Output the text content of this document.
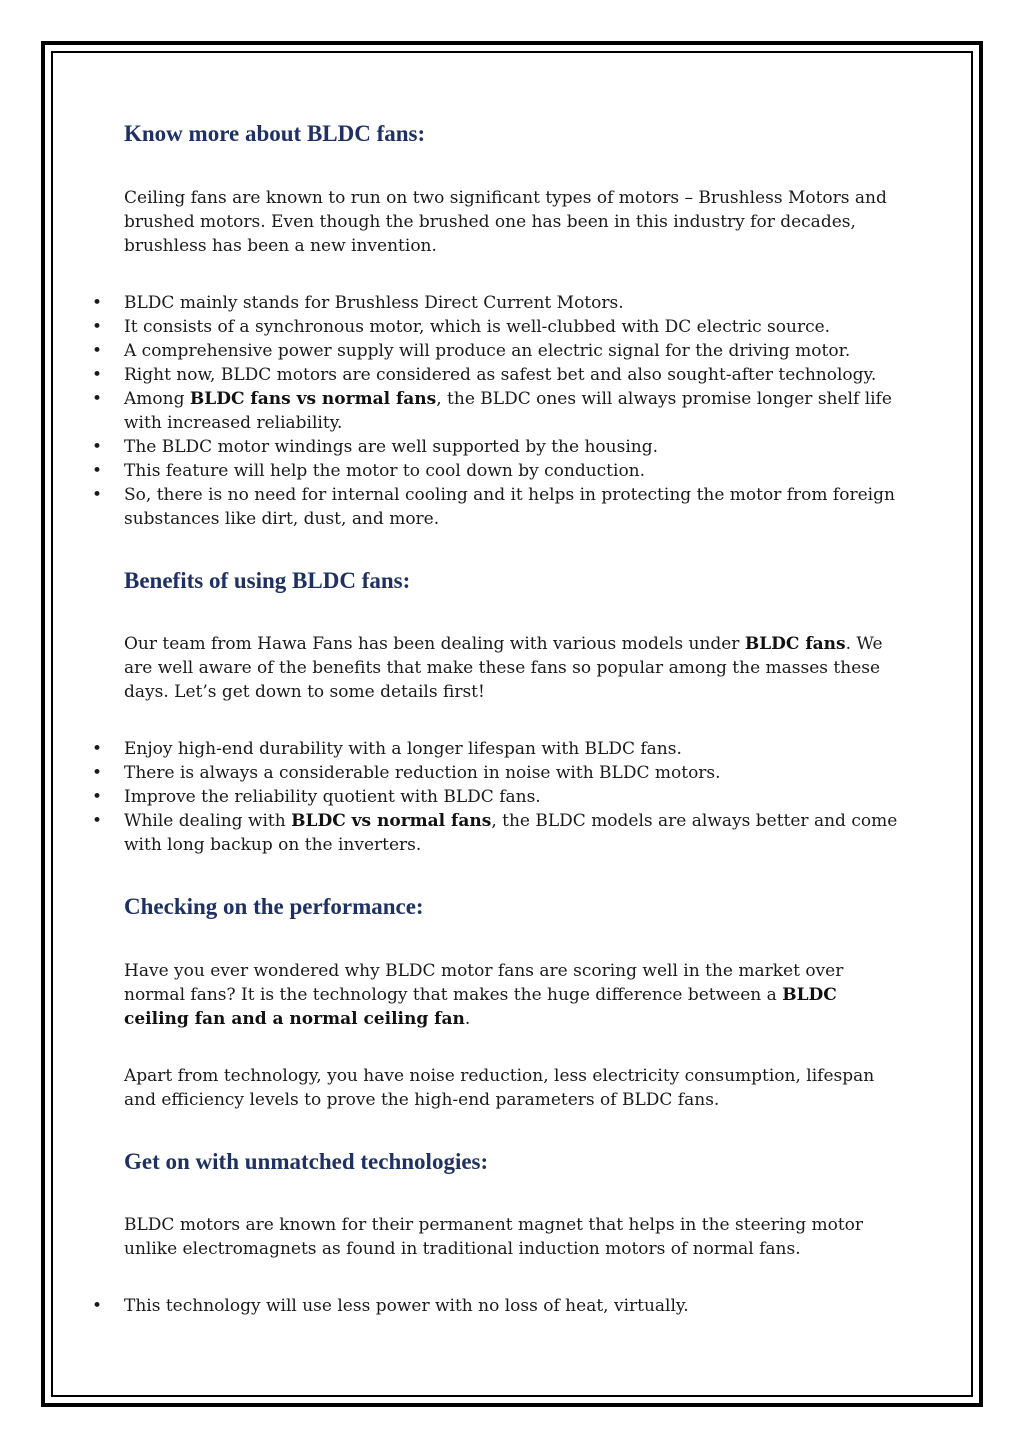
Know more about BLDC fans:

Ceiling fans are known to run on two significant types of motors – Brushless Motors and brushed motors. Even though the brushed one has been in this industry for decades, brushless has been a new invention.

• BLDC mainly stands for Brushless Direct Current Motors.
• It consists of a synchronous motor, which is well-clubbed with DC electric source.
• A comprehensive power supply will produce an electric signal for the driving motor.
• Right now, BLDC motors are considered as safest bet and also sought-after technology.
• Among BLDC fans vs normal fans, the BLDC ones will always promise longer shelf life with increased reliability.
• The BLDC motor windings are well supported by the housing.
• This feature will help the motor to cool down by conduction.
• So, there is no need for internal cooling and it helps in protecting the motor from foreign substances like dirt, dust, and more.
Benefits of using BLDC fans:

Our team from Hawa Fans has been dealing with various models under BLDC fans. We are well aware of the benefits that make these fans so popular among the masses these days. Let’s get down to some details first!

• Enjoy high-end durability with a longer lifespan with BLDC fans.
• There is always a considerable reduction in noise with BLDC motors.
• Improve the reliability quotient with BLDC fans.
• While dealing with BLDC vs normal fans, the BLDC models are always better and come with long backup on the inverters.
Checking on the performance:

Have you ever wondered why BLDC motor fans are scoring well in the market over normal fans? It is the technology that makes the huge difference between a BLDC ceiling fan and a normal ceiling fan.

Apart from technology, you have noise reduction, less electricity consumption, lifespan and efficiency levels to prove the high-end parameters of BLDC fans.

Get on with unmatched technologies:

BLDC motors are known for their permanent magnet that helps in the steering motor unlike electromagnets as found in traditional induction motors of normal fans.

• This technology will use less power with no loss of heat, virtually.
